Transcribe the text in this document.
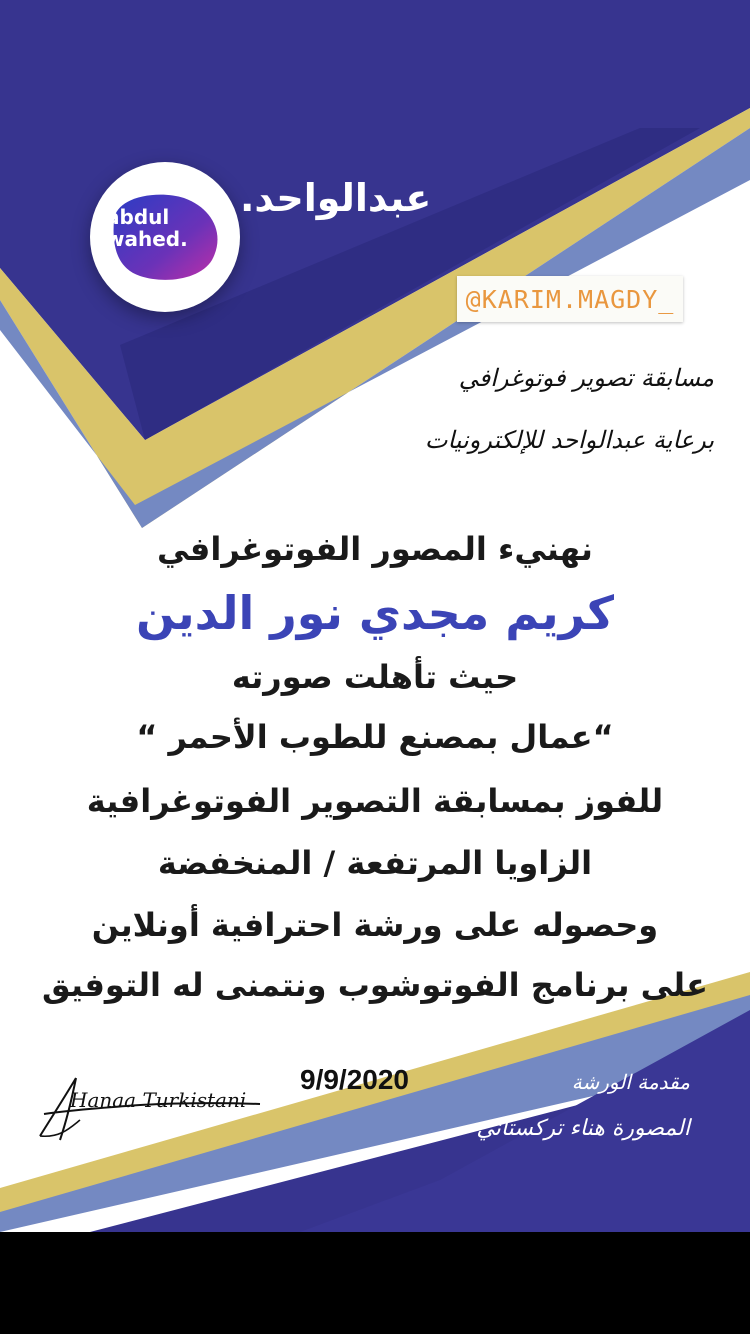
abdul
wahed.
عبدالواحد.
@KARIM.MAGDY_
مسابقة تصوير فوتوغرافي
برعاية عبدالواحد للإلكترونيات
نهنيء المصور الفوتوغرافي
كريم مجدي نور الدين
حيث تأهلت صورته
“عمال بمصنع للطوب الأحمر “
للفوز بمسابقة التصوير الفوتوغرافية
الزاويا المرتفعة / المنخفضة
وحصوله على ورشة احترافية أونلاين
على برنامج الفوتوشوب ونتمنى له التوفيق
9/9/2020
Hanaa Turkistani
مقدمة الورشة
المصورة هناء تركستاني
